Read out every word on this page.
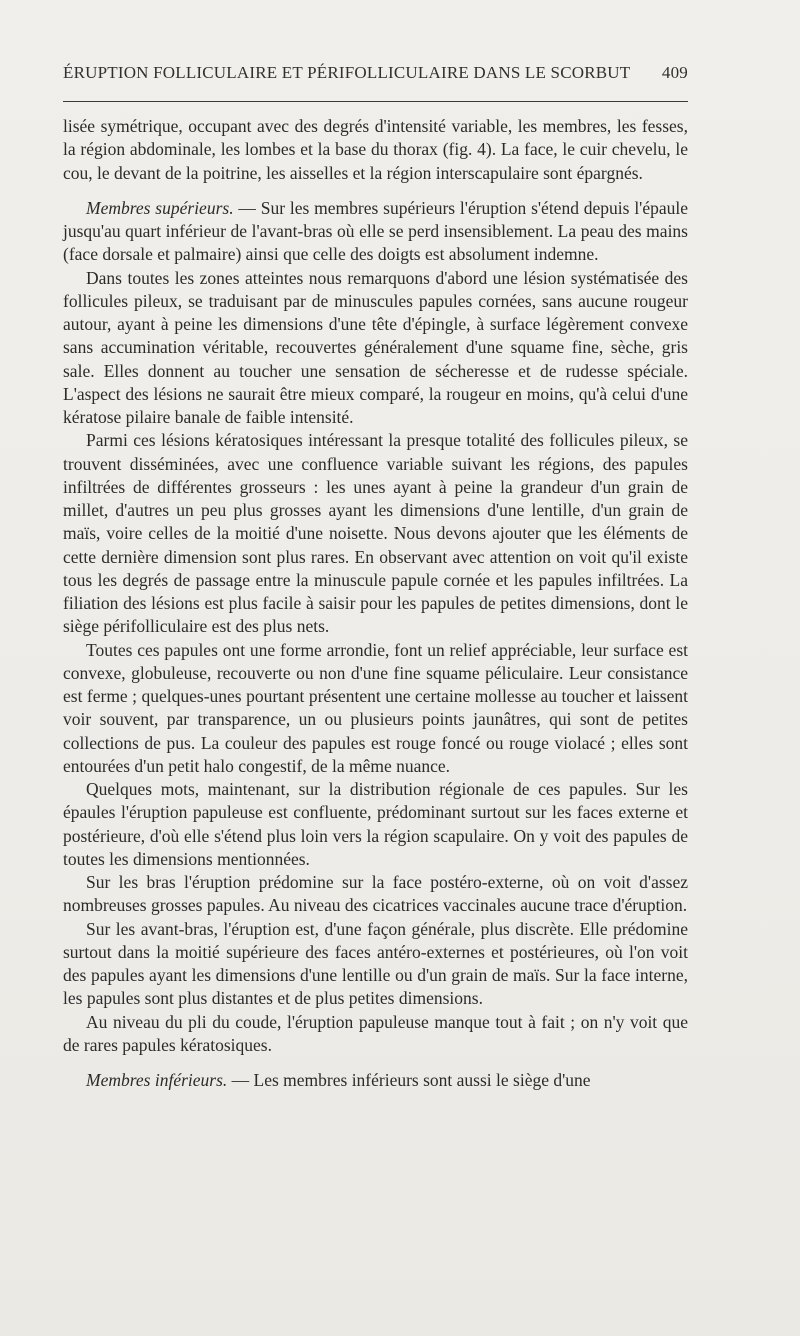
ÉRUPTION FOLLICULAIRE ET PÉRIFOLLICULAIRE DANS LE SCORBUT 409

lisée symétrique, occupant avec des degrés d'intensité variable, les membres, les fesses, la région abdominale, les lombes et la base du thorax (fig. 4). La face, le cuir chevelu, le cou, le devant de la poitrine, les aisselles et la région interscapulaire sont épargnés.

Membres supérieurs. — Sur les membres supérieurs l'éruption s'étend depuis l'épaule jusqu'au quart inférieur de l'avant-bras où elle se perd insensiblement. La peau des mains (face dorsale et palmaire) ainsi que celle des doigts est absolument indemne.

Dans toutes les zones atteintes nous remarquons d'abord une lésion systématisée des follicules pileux, se traduisant par de minuscules papules cornées, sans aucune rougeur autour, ayant à peine les dimensions d'une tête d'épingle, à surface légèrement convexe sans accumination véritable, recouvertes généralement d'une squame fine, sèche, gris sale. Elles donnent au toucher une sensation de sécheresse et de rudesse spéciale. L'aspect des lésions ne saurait être mieux comparé, la rougeur en moins, qu'à celui d'une kératose pilaire banale de faible intensité.

Parmi ces lésions kératosiques intéressant la presque totalité des follicules pileux, se trouvent disséminées, avec une confluence variable suivant les régions, des papules infiltrées de différentes grosseurs : les unes ayant à peine la grandeur d'un grain de millet, d'autres un peu plus grosses ayant les dimensions d'une lentille, d'un grain de maïs, voire celles de la moitié d'une noisette. Nous devons ajouter que les éléments de cette dernière dimension sont plus rares. En observant avec attention on voit qu'il existe tous les degrés de passage entre la minuscule papule cornée et les papules infiltrées. La filiation des lésions est plus facile à saisir pour les papules de petites dimensions, dont le siège périfolliculaire est des plus nets.

Toutes ces papules ont une forme arrondie, font un relief appréciable, leur surface est convexe, globuleuse, recouverte ou non d'une fine squame péliculaire. Leur consistance est ferme ; quelques-unes pourtant présentent une certaine mollesse au toucher et laissent voir souvent, par transparence, un ou plusieurs points jaunâtres, qui sont de petites collections de pus. La couleur des papules est rouge foncé ou rouge violacé ; elles sont entourées d'un petit halo congestif, de la même nuance.

Quelques mots, maintenant, sur la distribution régionale de ces papules. Sur les épaules l'éruption papuleuse est confluente, prédominant surtout sur les faces externe et postérieure, d'où elle s'étend plus loin vers la région scapulaire. On y voit des papules de toutes les dimensions mentionnées.

Sur les bras l'éruption prédomine sur la face postéro-externe, où on voit d'assez nombreuses grosses papules. Au niveau des cicatrices vaccinales aucune trace d'éruption.

Sur les avant-bras, l'éruption est, d'une façon générale, plus discrète. Elle prédomine surtout dans la moitié supérieure des faces antéro-externes et postérieures, où l'on voit des papules ayant les dimensions d'une lentille ou d'un grain de maïs. Sur la face interne, les papules sont plus distantes et de plus petites dimensions.

Au niveau du pli du coude, l'éruption papuleuse manque tout à fait ; on n'y voit que de rares papules kératosiques.

Membres inférieurs. — Les membres inférieurs sont aussi le siège d'une
